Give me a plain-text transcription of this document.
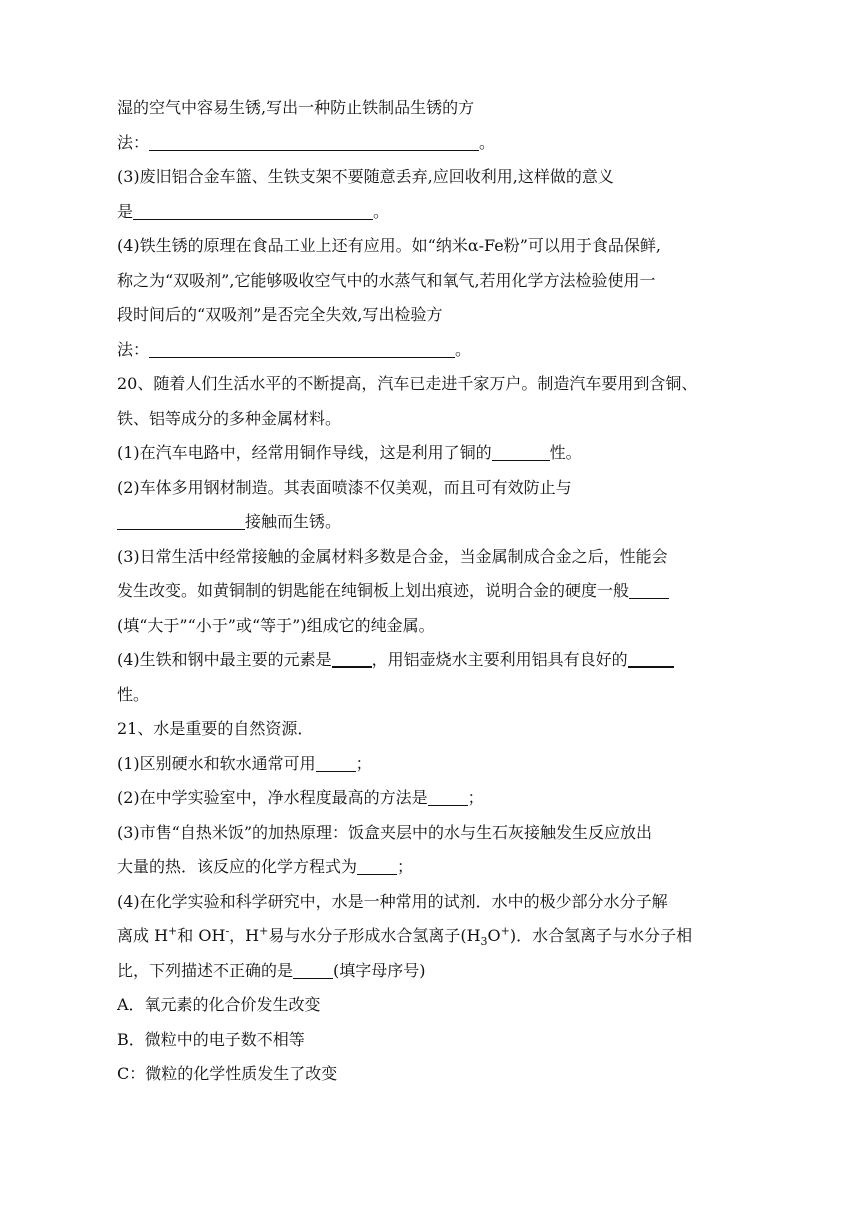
湿的空气中容易生锈,写出一种防止铁制品生锈的方
法：	。
(3)废旧铝合金车篮、生铁支架不要随意丢弃,应回收利用,这样做的意义
是	。
(4)铁生锈的原理在食品工业上还有应用。如“纳米α-Fe粉”可以用于食品保鲜,
称之为“双吸剂”,它能够吸收空气中的水蒸气和氧气,若用化学方法检验使用一
段时间后的“双吸剂”是否完全失效,写出检验方
法：	。
20、随着人们生活水平的不断提高，汽车已走进千家万户。制造汽车要用到含铜、
铁、铝等成分的多种金属材料。
(1)在汽车电路中，经常用铜作导线，这是利用了铜的	性。
(2)车体多用钢材制造。其表面喷漆不仅美观，而且可有效防止与
接触而生锈。
(3)日常生活中经常接触的金属材料多数是合金，当金属制成合金之后，性能会
发生改变。如黄铜制的钥匙能在纯铜板上划出痕迹，说明合金的硬度一般
(填“大于”“小于”或“等于”)组成它的纯金属。
(4)生铁和钢中最主要的元素是	，用铝壶烧水主要利用铝具有良好的
性。
21、水是重要的自然资源．
(1)区别硬水和软水通常可用	；
(2)在中学实验室中，净水程度最高的方法是	；
(3)市售“自热米饭”的加热原理：饭盒夹层中的水与生石灰接触发生反应放出
大量的热．该反应的化学方程式为	；
(4)在化学实验和科学研究中，水是一种常用的试剂．水中的极少部分水分子解
离成 H+和 OH-，H+易与水分子形成水合氢离子$(H_3O^+)$．水合氢离子与水分子相
比，下列描述不正确的是	(填字母序号)
A．氧元素的化合价发生改变
B．微粒中的电子数不相等
C：微粒的化学性质发生了改变
